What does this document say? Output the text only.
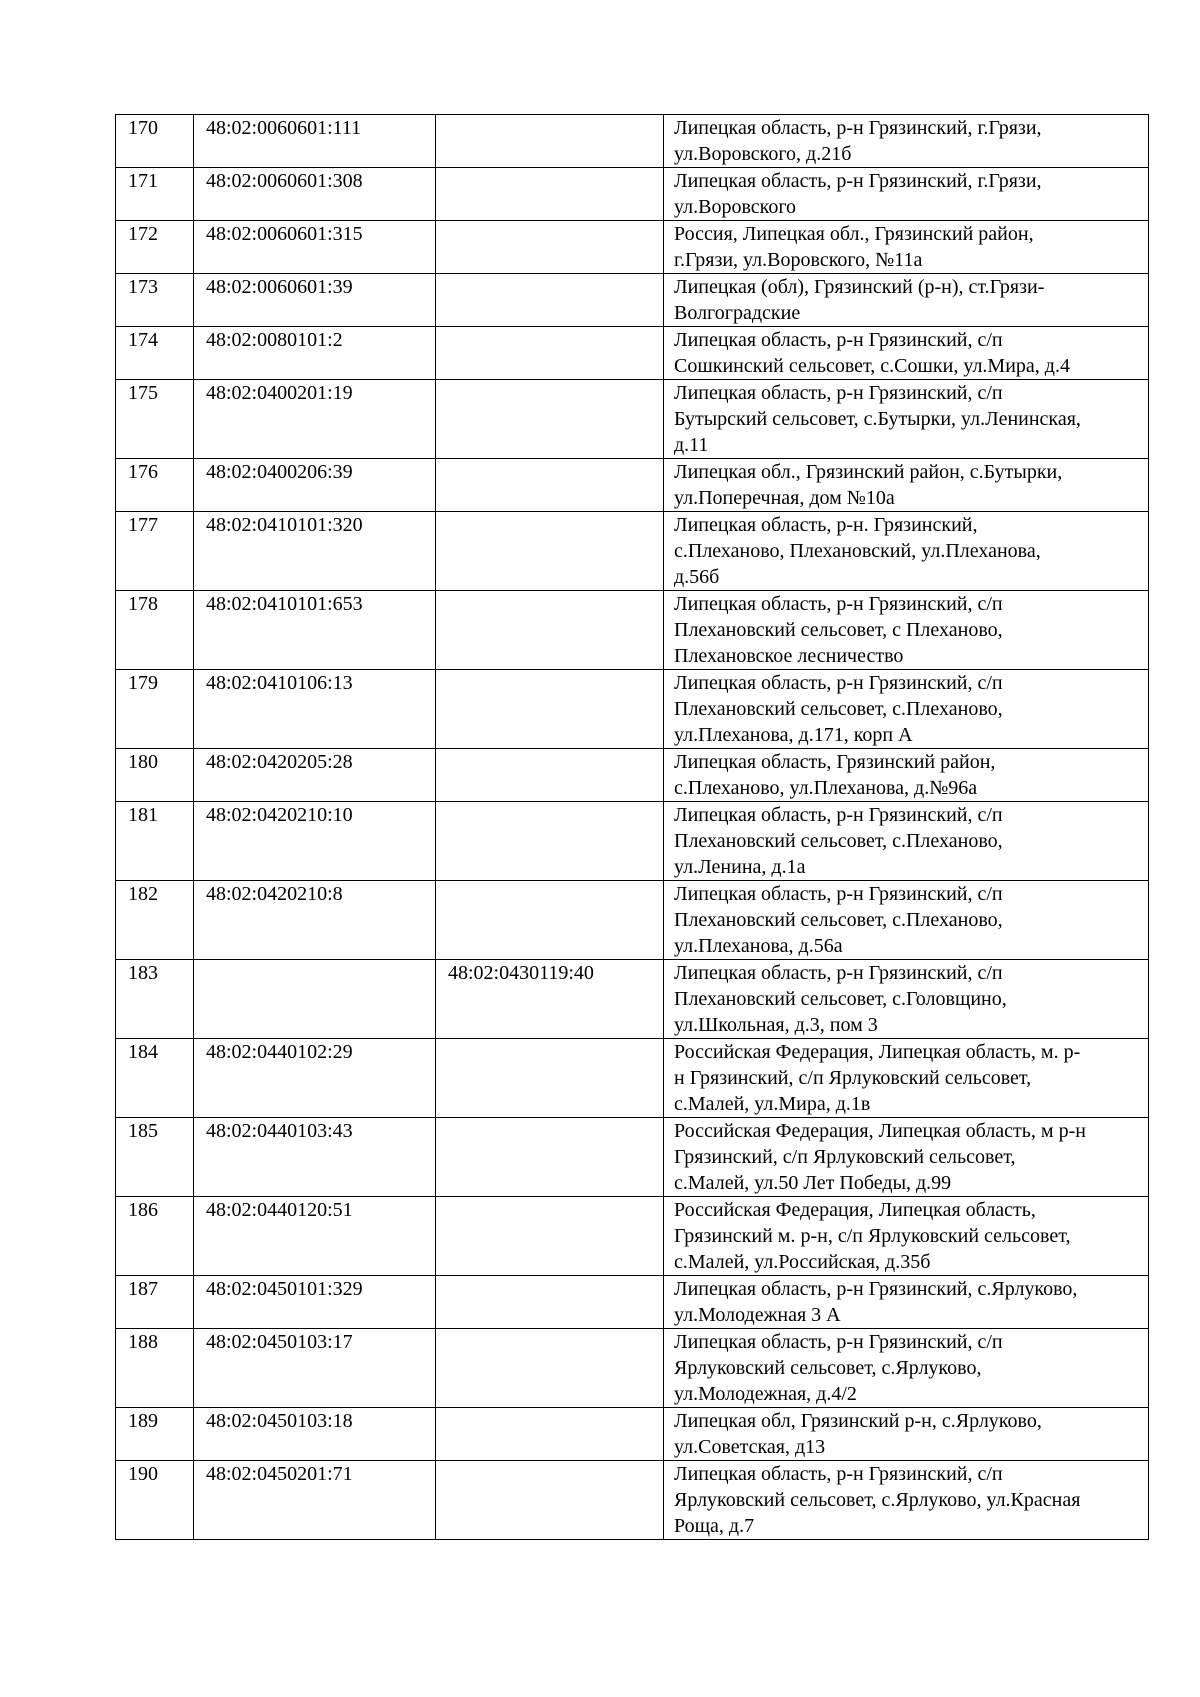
170	48:02:0060601:111		Липецкая область, р-н Грязинский, г.Грязи,
ул.Воровского, д.21б
171	48:02:0060601:308		Липецкая область, р-н Грязинский, г.Грязи,
ул.Воровского
172	48:02:0060601:315		Россия, Липецкая обл., Грязинский район,
г.Грязи, ул.Воровского, №11а
173	48:02:0060601:39		Липецкая (обл), Грязинский (р-н), ст.Грязи-
Волгоградские
174	48:02:0080101:2		Липецкая область, р-н Грязинский, с/п
Сошкинский сельсовет, с.Сошки, ул.Мира, д.4
175	48:02:0400201:19		Липецкая область, р-н Грязинский, с/п
Бутырский сельсовет, с.Бутырки, ул.Ленинская,
д.11
176	48:02:0400206:39		Липецкая обл., Грязинский район, с.Бутырки,
ул.Поперечная, дом №10а
177	48:02:0410101:320		Липецкая область, р-н. Грязинский,
с.Плеханово, Плехановский, ул.Плеханова,
д.56б
178	48:02:0410101:653		Липецкая область, р-н Грязинский, с/п
Плехановский сельсовет, с Плеханово,
Плехановское лесничество
179	48:02:0410106:13		Липецкая область, р-н Грязинский, с/п
Плехановский сельсовет, с.Плеханово,
ул.Плеханова, д.171, корп А
180	48:02:0420205:28		Липецкая область, Грязинский район,
с.Плеханово, ул.Плеханова, д.№96а
181	48:02:0420210:10		Липецкая область, р-н Грязинский, с/п
Плехановский сельсовет, с.Плеханово,
ул.Ленина, д.1а
182	48:02:0420210:8		Липецкая область, р-н Грязинский, с/п
Плехановский сельсовет, с.Плеханово,
ул.Плеханова, д.56а
183		48:02:0430119:40	Липецкая область, р-н Грязинский, с/п
Плехановский сельсовет, с.Головщино,
ул.Школьная, д.3, пом 3
184	48:02:0440102:29		Российская Федерация, Липецкая область, м. р-
н Грязинский, с/п Ярлуковский сельсовет,
с.Малей, ул.Мира, д.1в
185	48:02:0440103:43		Российская Федерация, Липецкая область, м р-н
Грязинский, с/п Ярлуковский сельсовет,
с.Малей, ул.50 Лет Победы, д.99
186	48:02:0440120:51		Российская Федерация, Липецкая область,
Грязинский м. р-н, с/п Ярлуковский сельсовет,
с.Малей, ул.Российская, д.35б
187	48:02:0450101:329		Липецкая область, р-н Грязинский, с.Ярлуково,
ул.Молодежная 3 А
188	48:02:0450103:17		Липецкая область, р-н Грязинский, с/п
Ярлуковский сельсовет, с.Ярлуково,
ул.Молодежная, д.4/2
189	48:02:0450103:18		Липецкая обл, Грязинский р-н, с.Ярлуково,
ул.Советская, д13
190	48:02:0450201:71		Липецкая область, р-н Грязинский, с/п
Ярлуковский сельсовет, с.Ярлуково, ул.Красная
Роща, д.7
